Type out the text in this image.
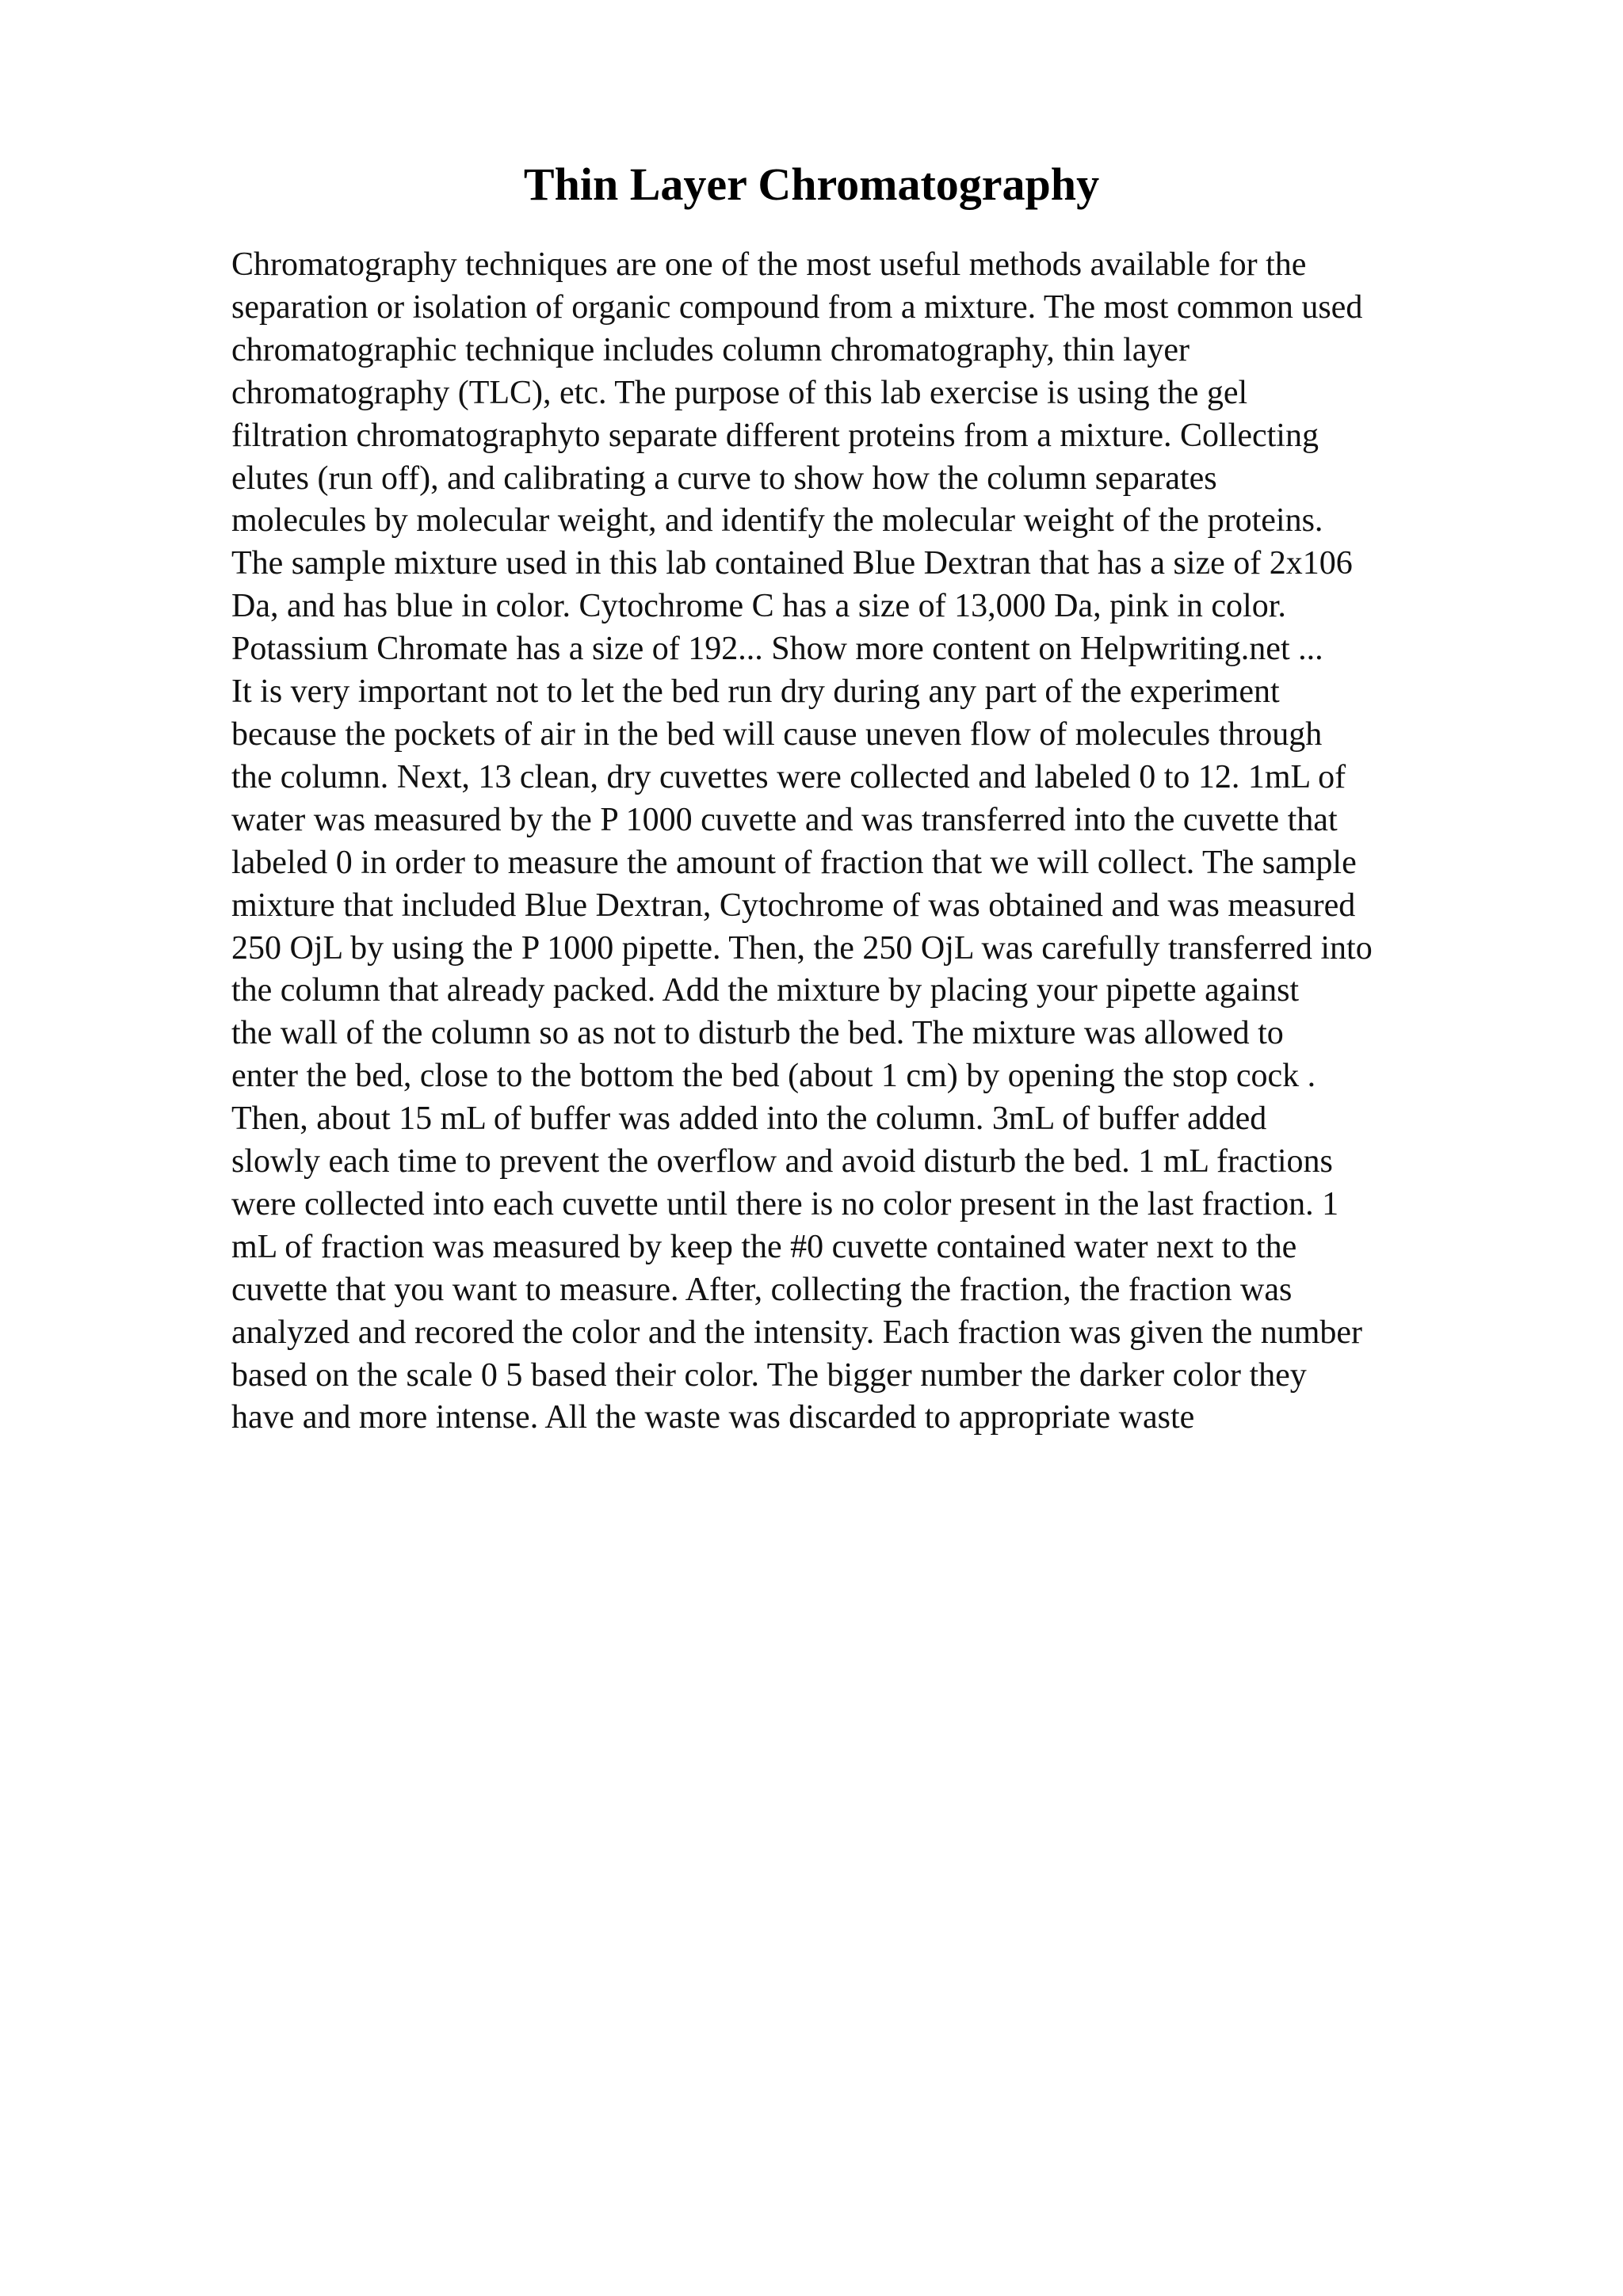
Thin Layer Chromatography
Chromatography techniques are one of the most useful methods available for the
separation or isolation of organic compound from a mixture. The most common used
chromatographic technique includes column chromatography, thin layer
chromatography (TLC), etc. The purpose of this lab exercise is using the gel
filtration chromatographyto separate different proteins from a mixture. Collecting
elutes (run off), and calibrating a curve to show how the column separates
molecules by molecular weight, and identify the molecular weight of the proteins.
The sample mixture used in this lab contained Blue Dextran that has a size of 2x106
Da, and has blue in color. Cytochrome C has a size of 13,000 Da, pink in color.
Potassium Chromate has a size of 192... Show more content on Helpwriting.net ...
It is very important not to let the bed run dry during any part of the experiment
because the pockets of air in the bed will cause uneven flow of molecules through
the column. Next, 13 clean, dry cuvettes were collected and labeled 0 to 12. 1mL of
water was measured by the P 1000 cuvette and was transferred into the cuvette that
labeled 0 in order to measure the amount of fraction that we will collect. The sample
mixture that included Blue Dextran, Cytochrome of was obtained and was measured
250 OjL by using the P 1000 pipette. Then, the 250 OjL was carefully transferred into
the column that already packed. Add the mixture by placing your pipette against
the wall of the column so as not to disturb the bed. The mixture was allowed to
enter the bed, close to the bottom the bed (about 1 cm) by opening the stop cock .
Then, about 15 mL of buffer was added into the column. 3mL of buffer added
slowly each time to prevent the overflow and avoid disturb the bed. 1 mL fractions
were collected into each cuvette until there is no color present in the last fraction. 1
mL of fraction was measured by keep the #0 cuvette contained water next to the
cuvette that you want to measure. After, collecting the fraction, the fraction was
analyzed and recored the color and the intensity. Each fraction was given the number
based on the scale 0 5 based their color. The bigger number the darker color they
have and more intense. All the waste was discarded to appropriate waste
